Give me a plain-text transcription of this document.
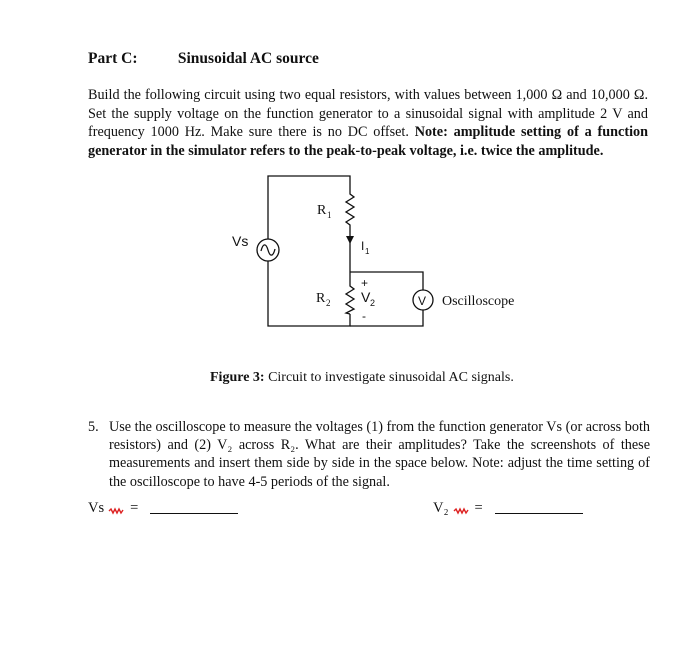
Part C:	Sinusoidal AC source
Build the following circuit using two equal resistors, with values between 1,000 Ω and 10,000 Ω. Set the supply voltage on the function generator to a sinusoidal signal with amplitude 2 V and frequency 1000 Hz. Make sure there is no DC offset. Note: amplitude setting of a function generator in the simulator refers to the peak-to-peak voltage, i.e. twice the amplitude.
Vs
R 1
I 1
+
V 2
-
R 2	V Oscilloscope
Figure 3: Circuit to investigate sinusoidal AC signals.
5. Use the oscilloscope to measure the voltages (1) from the function generator Vs (or across both resistors) and (2) V₂ across R₂. What are their amplitudes? Take the screenshots of these measurements and insert them side by side in the space below. Note: adjust the time setting of the oscilloscope to have 4-5 periods of the signal.
Vs =	V₂ =
